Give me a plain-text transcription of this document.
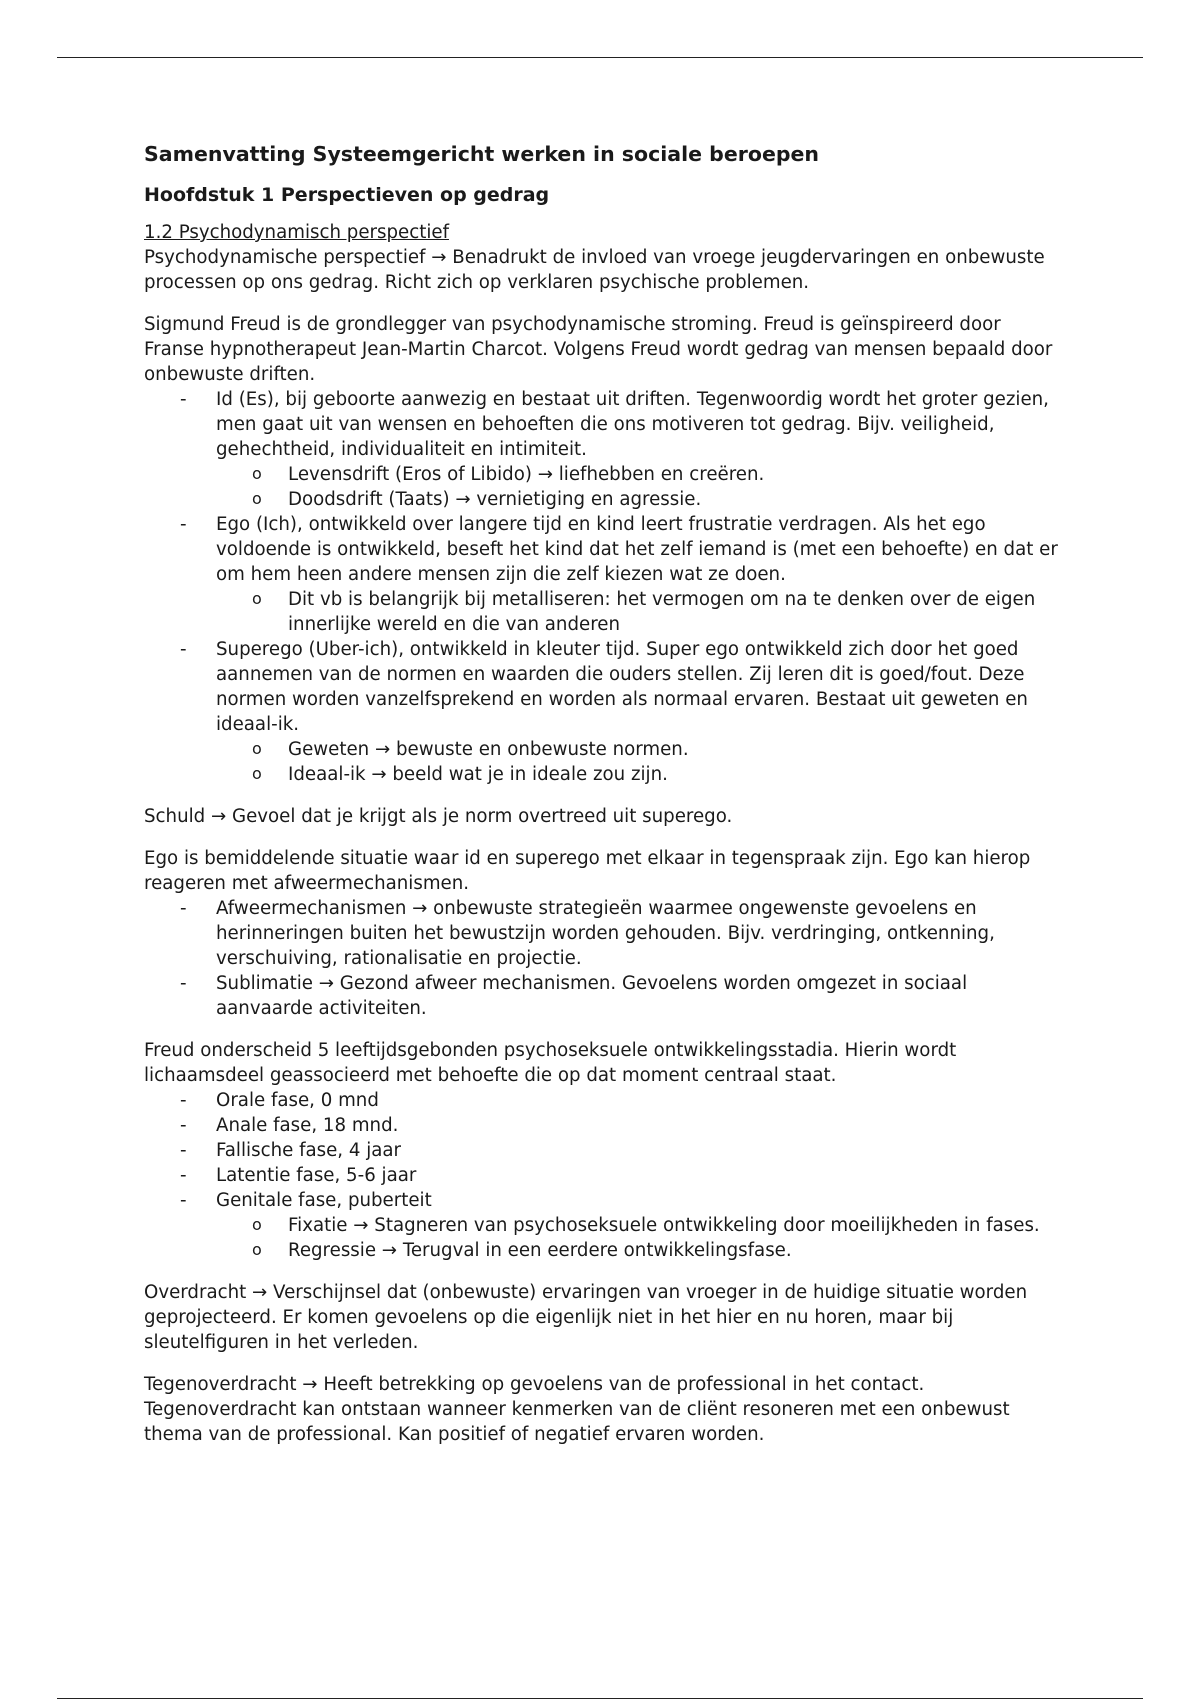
Samenvatting Systeemgericht werken in sociale beroepen
Hoofdstuk 1 Perspectieven op gedrag

1.2 Psychodynamisch perspectief

Psychodynamische perspectief → Benadrukt de invloed van vroege jeugdervaringen en onbewuste processen op ons gedrag. Richt zich op verklaren psychische problemen.

Sigmund Freud is de grondlegger van psychodynamische stroming. Freud is geïnspireerd door Franse hypnotherapeut Jean-Martin Charcot. Volgens Freud wordt gedrag van mensen bepaald door onbewuste driften.

- Id (Es), bij geboorte aanwezig en bestaat uit driften. Tegenwoordig wordt het groter gezien, men gaat uit van wensen en behoeften die ons motiveren tot gedrag. Bijv. veiligheid, gehechtheid, individualiteit en intimiteit.
o Levensdrift (Eros of Libido) → liefhebben en creëren.
o Doodsdrift (Taats) → vernietiging en agressie.
- Ego (Ich), ontwikkeld over langere tijd en kind leert frustratie verdragen. Als het ego voldoende is ontwikkeld, beseft het kind dat het zelf iemand is (met een behoefte) en dat er om hem heen andere mensen zijn die zelf kiezen wat ze doen.
o Dit vb is belangrijk bij metalliseren: het vermogen om na te denken over de eigen innerlijke wereld en die van anderen
- Superego (Uber-ich), ontwikkeld in kleuter tijd. Super ego ontwikkeld zich door het goed aannemen van de normen en waarden die ouders stellen. Zij leren dit is goed/fout. Deze normen worden vanzelfsprekend en worden als normaal ervaren. Bestaat uit geweten en ideaal-ik.
o Geweten → bewuste en onbewuste normen.
o Ideaal-ik → beeld wat je in ideale zou zijn.

Schuld → Gevoel dat je krijgt als je norm overtreed uit superego.

Ego is bemiddelende situatie waar id en superego met elkaar in tegenspraak zijn. Ego kan hierop reageren met afweermechanismen.

- Afweermechanismen → onbewuste strategieën waarmee ongewenste gevoelens en herinneringen buiten het bewustzijn worden gehouden. Bijv. verdringing, ontkenning, verschuiving, rationalisatie en projectie.
- Sublimatie → Gezond afweer mechanismen. Gevoelens worden omgezet in sociaal aanvaarde activiteiten.

Freud onderscheid 5 leeftijdsgebonden psychoseksuele ontwikkelingsstadia. Hierin wordt lichaamsdeel geassocieerd met behoefte die op dat moment centraal staat.

- Orale fase, 0 mnd
- Anale fase, 18 mnd.
- Fallische fase, 4 jaar
- Latentie fase, 5-6 jaar
- Genitale fase, puberteit
o Fixatie → Stagneren van psychoseksuele ontwikkeling door moeilijkheden in fases.
o Regressie → Terugval in een eerdere ontwikkelingsfase.

Overdracht → Verschijnsel dat (onbewuste) ervaringen van vroeger in de huidige situatie worden geprojecteerd. Er komen gevoelens op die eigenlijk niet in het hier en nu horen, maar bij sleutelfiguren in het verleden.

Tegenoverdracht → Heeft betrekking op gevoelens van de professional in het contact. Tegenoverdracht kan ontstaan wanneer kenmerken van de cliënt resoneren met een onbewust thema van de professional. Kan positief of negatief ervaren worden.
